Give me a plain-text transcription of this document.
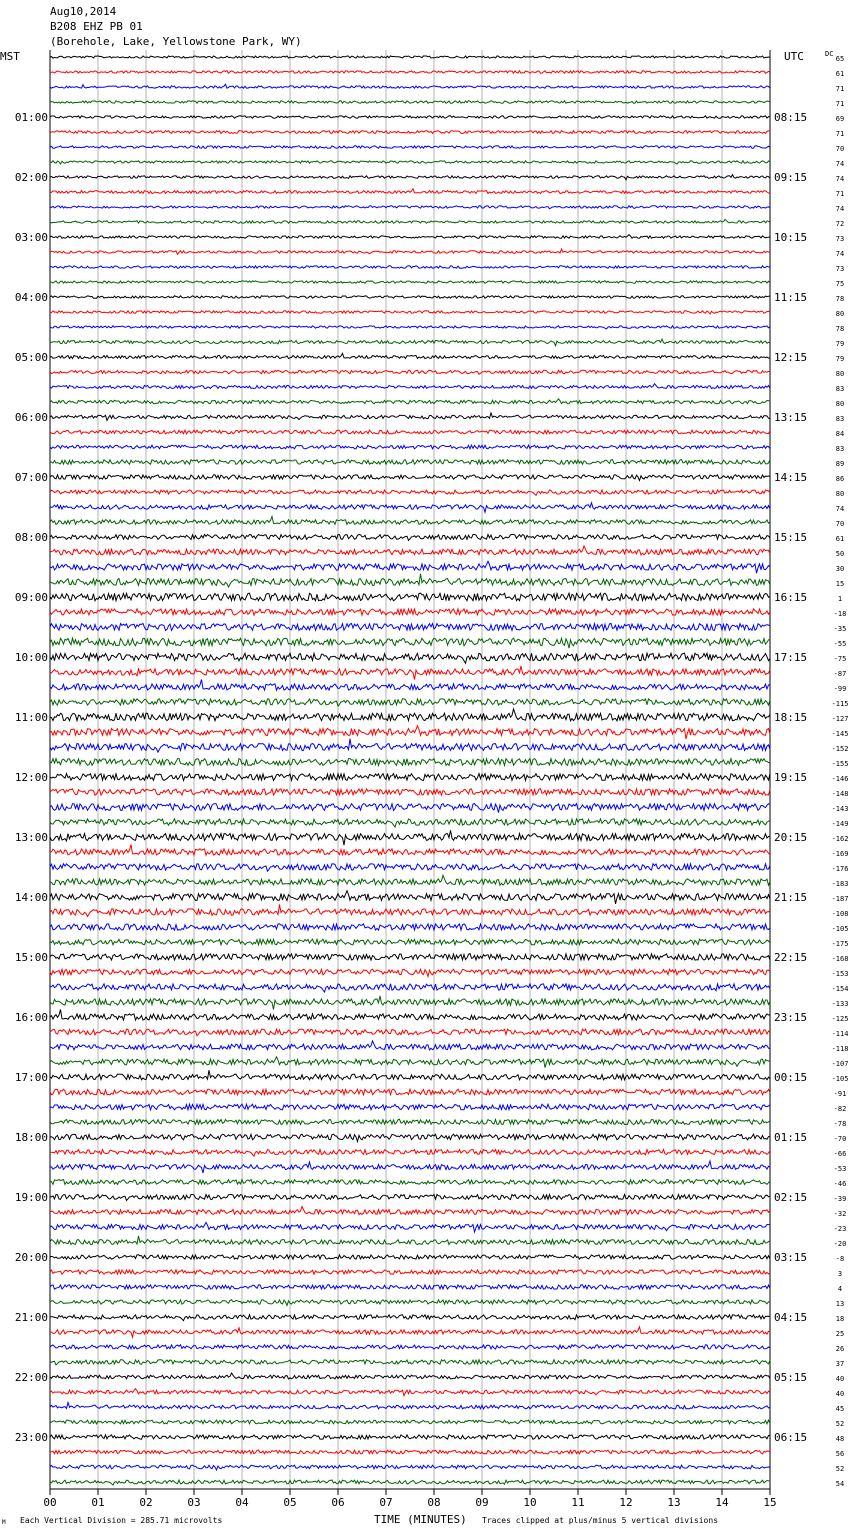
Aug10,2014
B208 EHZ PB 01
(Borehole, Lake, Yellowstone Park, WY)
00	01	02	03	04	05	06	07	08	09	10	11	12	13	14	15
65
61
71
71
69
01:00	08:15
71
70
74
74
02:00	09:15
71
74
72
73
03:00	10:15
74
73
75
78
04:00	11:15
80
78
79
79
05:00	12:15
80
83
80
83
06:00	13:15
84
83
89
86
07:00	14:15
80
74
70
61
08:00	15:15
50
30
15
1
09:00	16:15
-18
-35
-55
-75
10:00	17:15
-87
-99
-115
-127
11:00	18:15
-145
-152
-155
-146
12:00	19:15
-148
-143
-149
-162
13:00	20:15
-169
-176
-183
-187
14:00	21:15
-108
-105
-175
-168
15:00	22:15
-153
-154
-133
-125
16:00	23:15
-114
-118
-107
-105
17:00	00:15
-91
-82
-78
-70
18:00	01:15
-66
-53
-46
-39
19:00	02:15
-32
-23
-20
-8
20:00	03:15
3
4
13
18
21:00	04:15
25
26
37
40
22:00	05:15
40
45
52
48
23:00	06:15
56
52
54
MST	UTC	DC
M Each Vertical Division = 285.71 microvolts	TIME (MINUTES) Traces clipped at plus/minus 5 vertical divisions
